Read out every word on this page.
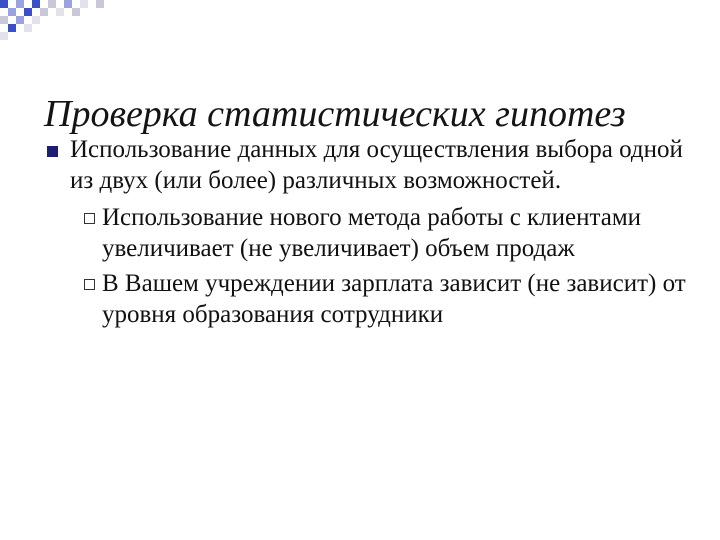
Проверка статистических гипотез
Использование данных для осуществления выбора одной из двух (или более) различных возможностей.
Использование нового метода работы с клиентами увеличивает (не увеличивает) объем продаж
В Вашем учреждении зарплата зависит (не зависит) от уровня образования сотрудники
